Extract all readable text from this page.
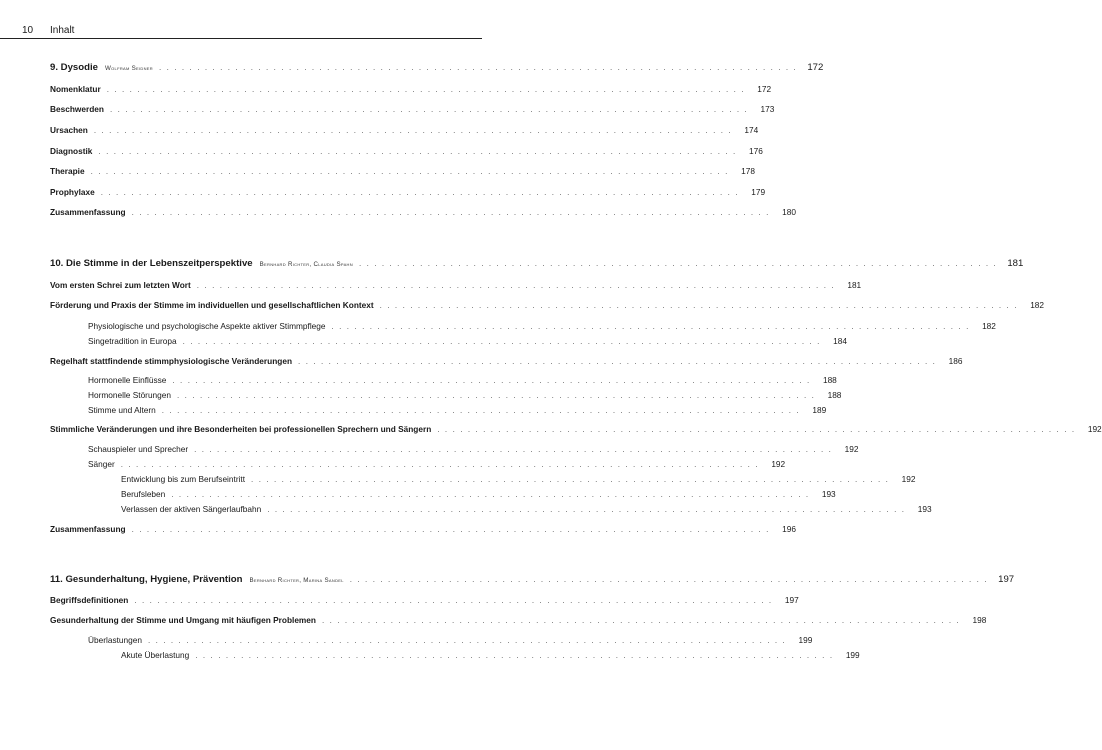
10	Inhalt
9. Dysodie Wolfram Seidner . . . . . . . . . . . . . . . . . . . . . . . . . . . . . . . . . . . . . . . . . . . . . . . . . . . . . . . . . . . . . . . . . . . . . . . . . . . . . . . . . . . .	172
Nomenklatur . . . . . . . . . . . . . . . . . . . . . . . . . . . . . . . . . . . . . . . . . . . . . . . . . . . . . . . . . . . . . . . . . . . . . . . . . . . . . . . . . . . .	172
Beschwerden . . . . . . . . . . . . . . . . . . . . . . . . . . . . . . . . . . . . . . . . . . . . . . . . . . . . . . . . . . . . . . . . . . . . . . . . . . . . . . . . . . . .	173
Ursachen . . . . . . . . . . . . . . . . . . . . . . . . . . . . . . . . . . . . . . . . . . . . . . . . . . . . . . . . . . . . . . . . . . . . . . . . . . . . . . . . . . . .	174
Diagnostik . . . . . . . . . . . . . . . . . . . . . . . . . . . . . . . . . . . . . . . . . . . . . . . . . . . . . . . . . . . . . . . . . . . . . . . . . . . . . . . . . . . .	176
Therapie . . . . . . . . . . . . . . . . . . . . . . . . . . . . . . . . . . . . . . . . . . . . . . . . . . . . . . . . . . . . . . . . . . . . . . . . . . . . . . . . . . . .	178
Prophylaxe . . . . . . . . . . . . . . . . . . . . . . . . . . . . . . . . . . . . . . . . . . . . . . . . . . . . . . . . . . . . . . . . . . . . . . . . . . . . . . . . . . . .	179
Zusammenfassung . . . . . . . . . . . . . . . . . . . . . . . . . . . . . . . . . . . . . . . . . . . . . . . . . . . . . . . . . . . . . . . . . . . . . . . . . . . . . . . . . . . .	180
10. Die Stimme in der Lebenszeitperspektive Bernhard Richter, Claudia Spahn . . . . . . . . . . . . . . . . . . . . . . . . . . . . . . . . . . . . . . . . . . . . . . . . . . . . . . . . . . . . . . . . . . . . . . . . . . . . . . . . . . . .	181
Vom ersten Schrei zum letzten Wort . . . . . . . . . . . . . . . . . . . . . . . . . . . . . . . . . . . . . . . . . . . . . . . . . . . . . . . . . . . . . . . . . . . . . . . . . . . . . . . . . . . .	181
Förderung und Praxis der Stimme im individuellen und gesellschaftlichen Kontext . . . . . . . . . . . . . . . . . . . . . . . . . . . . . . . . . . . . . . . . . . . . . . . . . . . . . . . . . . . . . . . . . . . . . . . . . . . . . . . . . . . .	182
Physiologische und psychologische Aspekte aktiver Stimmpflege . . . . . . . . . . . . . . . . . . . . . . . . . . . . . . . . . . . . . . . . . . . . . . . . . . . . . . . . . . . . . . . . . . . . . . . . . . . . . . . . . . . .	182
Singetradition in Europa . . . . . . . . . . . . . . . . . . . . . . . . . . . . . . . . . . . . . . . . . . . . . . . . . . . . . . . . . . . . . . . . . . . . . . . . . . . . . . . . . . . .	184
Regelhaft stattfindende stimmphysiologische Veränderungen . . . . . . . . . . . . . . . . . . . . . . . . . . . . . . . . . . . . . . . . . . . . . . . . . . . . . . . . . . . . . . . . . . . . . . . . . . . . . . . . . . . .	186
Hormonelle Einflüsse . . . . . . . . . . . . . . . . . . . . . . . . . . . . . . . . . . . . . . . . . . . . . . . . . . . . . . . . . . . . . . . . . . . . . . . . . . . . . . . . . . . .	188
Hormonelle Störungen . . . . . . . . . . . . . . . . . . . . . . . . . . . . . . . . . . . . . . . . . . . . . . . . . . . . . . . . . . . . . . . . . . . . . . . . . . . . . . . . . . . .	188
Stimme und Altern . . . . . . . . . . . . . . . . . . . . . . . . . . . . . . . . . . . . . . . . . . . . . . . . . . . . . . . . . . . . . . . . . . . . . . . . . . . . . . . . . . . .	189
Stimmliche Veränderungen und ihre Besonderheiten bei professionellen Sprechern und Sängern . . . . . . . . . . . . . . . . . . . . . . . . . . . . . . . . . . . . . . . . . . . . . . . . . . . . . . . . . . . . . . . . . . . . . . . . . . . . . . . . . . . .	192
Schauspieler und Sprecher . . . . . . . . . . . . . . . . . . . . . . . . . . . . . . . . . . . . . . . . . . . . . . . . . . . . . . . . . . . . . . . . . . . . . . . . . . . . . . . . . . . .	192
Sänger . . . . . . . . . . . . . . . . . . . . . . . . . . . . . . . . . . . . . . . . . . . . . . . . . . . . . . . . . . . . . . . . . . . . . . . . . . . . . . . . . . . .	192
Entwicklung bis zum Berufseintritt . . . . . . . . . . . . . . . . . . . . . . . . . . . . . . . . . . . . . . . . . . . . . . . . . . . . . . . . . . . . . . . . . . . . . . . . . . . . . . . . . . . .	192
Berufsleben . . . . . . . . . . . . . . . . . . . . . . . . . . . . . . . . . . . . . . . . . . . . . . . . . . . . . . . . . . . . . . . . . . . . . . . . . . . . . . . . . . . .	193
Verlassen der aktiven Sängerlaufbahn . . . . . . . . . . . . . . . . . . . . . . . . . . . . . . . . . . . . . . . . . . . . . . . . . . . . . . . . . . . . . . . . . . . . . . . . . . . . . . . . . . . .	193
Zusammenfassung . . . . . . . . . . . . . . . . . . . . . . . . . . . . . . . . . . . . . . . . . . . . . . . . . . . . . . . . . . . . . . . . . . . . . . . . . . . . . . . . . . . .	196
11. Gesunderhaltung, Hygiene, Prävention Bernhard Richter, Marina Sandel . . . . . . . . . . . . . . . . . . . . . . . . . . . . . . . . . . . . . . . . . . . . . . . . . . . . . . . . . . . . . . . . . . . . . . . . . . . . . . . . . . . .	197
Begriffsdefinitionen . . . . . . . . . . . . . . . . . . . . . . . . . . . . . . . . . . . . . . . . . . . . . . . . . . . . . . . . . . . . . . . . . . . . . . . . . . . . . . . . . . . .	197
Gesunderhaltung der Stimme und Umgang mit häufigen Problemen . . . . . . . . . . . . . . . . . . . . . . . . . . . . . . . . . . . . . . . . . . . . . . . . . . . . . . . . . . . . . . . . . . . . . . . . . . . . . . . . . . . .	198
Überlastungen . . . . . . . . . . . . . . . . . . . . . . . . . . . . . . . . . . . . . . . . . . . . . . . . . . . . . . . . . . . . . . . . . . . . . . . . . . . . . . . . . . . .	199
Akute Überlastung . . . . . . . . . . . . . . . . . . . . . . . . . . . . . . . . . . . . . . . . . . . . . . . . . . . . . . . . . . . . . . . . . . . . . . . . . . . . . . . . . . . .	199
